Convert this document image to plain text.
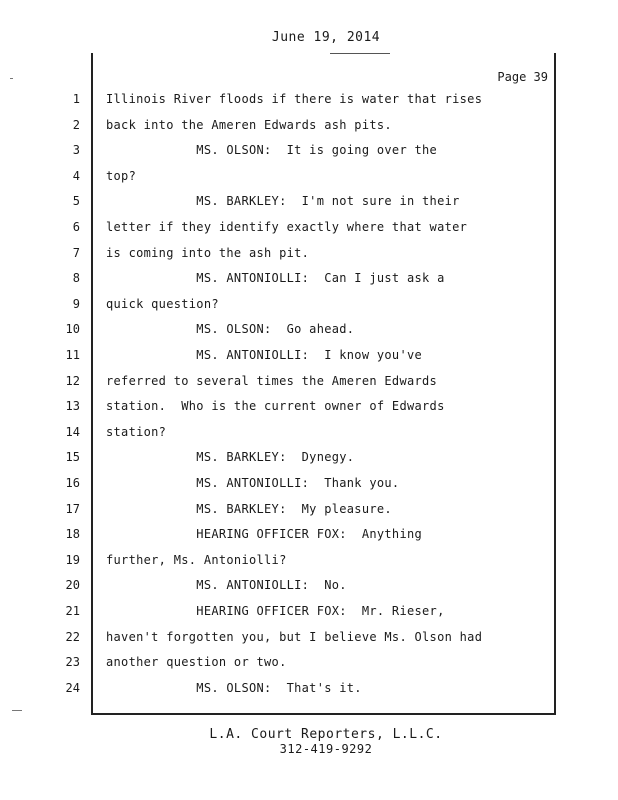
June 19, 2014
Page 39
1 Illinois River floods if there is water that rises
2 back into the Ameren Edwards ash pits.
3 MS. OLSON:  It is going over the
4 top?
5 MS. BARKLEY:  I'm not sure in their
6 letter if they identify exactly where that water
7 is coming into the ash pit.
8 MS. ANTONIOLLI:  Can I just ask a
9 quick question?
10 MS. OLSON:  Go ahead.
11 MS. ANTONIOLLI:  I know you've
12 referred to several times the Ameren Edwards
13 station.  Who is the current owner of Edwards
14 station?
15 MS. BARKLEY:  Dynegy.
16 MS. ANTONIOLLI:  Thank you.
17 MS. BARKLEY:  My pleasure.
18 HEARING OFFICER FOX:  Anything
19 further, Ms. Antoniolli?
20 MS. ANTONIOLLI:  No.
21 HEARING OFFICER FOX:  Mr. Rieser,
22 haven't forgotten you, but I believe Ms. Olson had
23 another question or two.
24 MS. OLSON:  That's it.
L.A. Court Reporters, L.L.C.
312-419-9292
